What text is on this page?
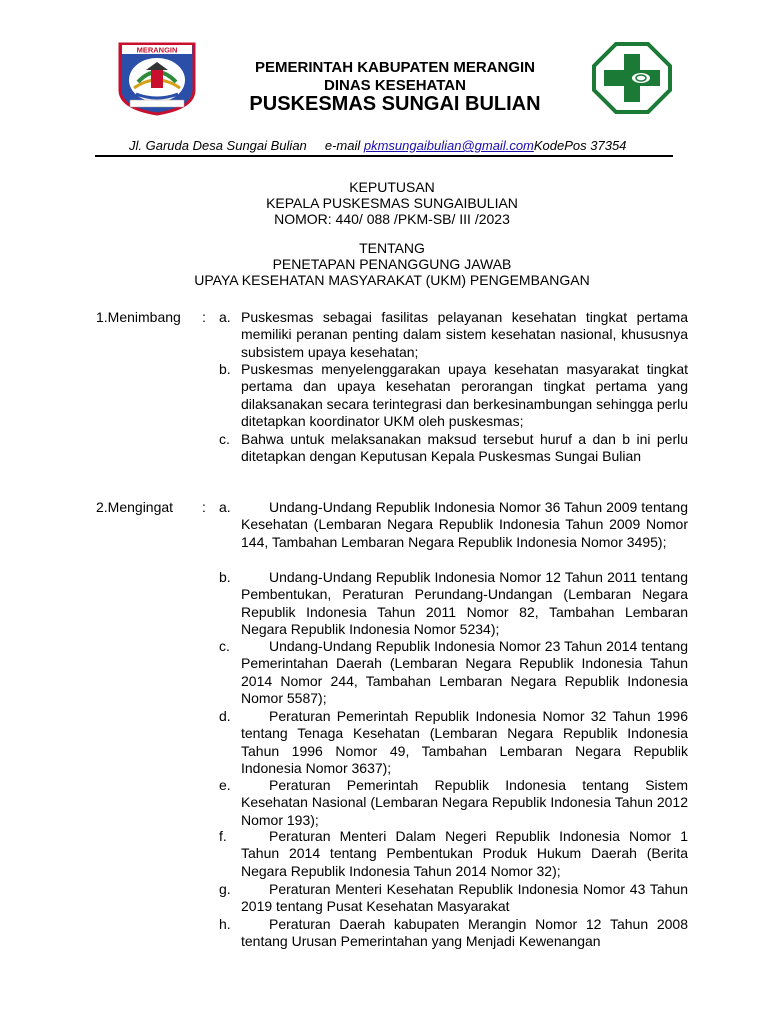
MERANGIN
PEMERINTAH KABUPATEN MERANGIN
DINAS KESEHATAN
PUSKESMAS SUNGAI BULIAN
Jl. Garuda Desa Sungai Bulian e-mail pkmsungaibulian@gmail.comKodePos 37354
KEPUTUSAN
KEPALA PUSKESMAS SUNGAIBULIAN
NOMOR: 440/ 088 /PKM-SB/ III /2023
TENTANG
PENETAPAN PENANGGUNG JAWAB
UPAYA KESEHATAN MASYARAKAT (UKM) PENGEMBANGAN
1.Menimbang : a. Puskesmas sebagai fasilitas pelayanan kesehatan tingkat pertama memiliki peranan penting dalam sistem kesehatan nasional, khususnya subsistem upaya kesehatan;
b. Puskesmas menyelenggarakan upaya kesehatan masyarakat tingkat pertama dan upaya kesehatan perorangan tingkat pertama yang dilaksanakan secara terintegrasi dan berkesinambungan sehingga perlu ditetapkan koordinator UKM oleh puskesmas;
c. Bahwa untuk melaksanakan maksud tersebut huruf a dan b ini perlu ditetapkan dengan Keputusan Kepala Puskesmas Sungai Bulian
2.Mengingat : a.	Undang-Undang Republik Indonesia Nomor 36 Tahun 2009 tentang Kesehatan (Lembaran Negara Republik Indonesia Tahun 2009 Nomor 144, Tambahan Lembaran Negara Republik Indonesia Nomor 3495);
b.	Undang-Undang Republik Indonesia Nomor 12 Tahun 2011 tentang Pembentukan, Peraturan Perundang-Undangan (Lembaran Negara Republik Indonesia Tahun 2011 Nomor 82, Tambahan Lembaran Negara Republik Indonesia Nomor 5234);
c.	Undang-Undang Republik Indonesia Nomor 23 Tahun 2014 tentang Pemerintahan Daerah (Lembaran Negara Republik Indonesia Tahun 2014 Nomor 244, Tambahan Lembaran Negara Republik Indonesia Nomor 5587);
d.	Peraturan Pemerintah Republik Indonesia Nomor 32 Tahun 1996 tentang Tenaga Kesehatan (Lembaran Negara Republik Indonesia Tahun 1996 Nomor 49, Tambahan Lembaran Negara Republik Indonesia Nomor 3637);
e.	Peraturan Pemerintah Republik Indonesia tentang Sistem Kesehatan Nasional (Lembaran Negara Republik Indonesia Tahun 2012 Nomor 193);
f.	Peraturan Menteri Dalam Negeri Republik Indonesia Nomor 1 Tahun 2014 tentang Pembentukan Produk Hukum Daerah (Berita Negara Republik Indonesia Tahun 2014 Nomor 32);
g.	Peraturan Menteri Kesehatan Republik Indonesia Nomor 43 Tahun 2019 tentang Pusat Kesehatan Masyarakat
h.	Peraturan Daerah kabupaten Merangin Nomor 12 Tahun 2008 tentang Urusan Pemerintahan yang Menjadi Kewenangan
